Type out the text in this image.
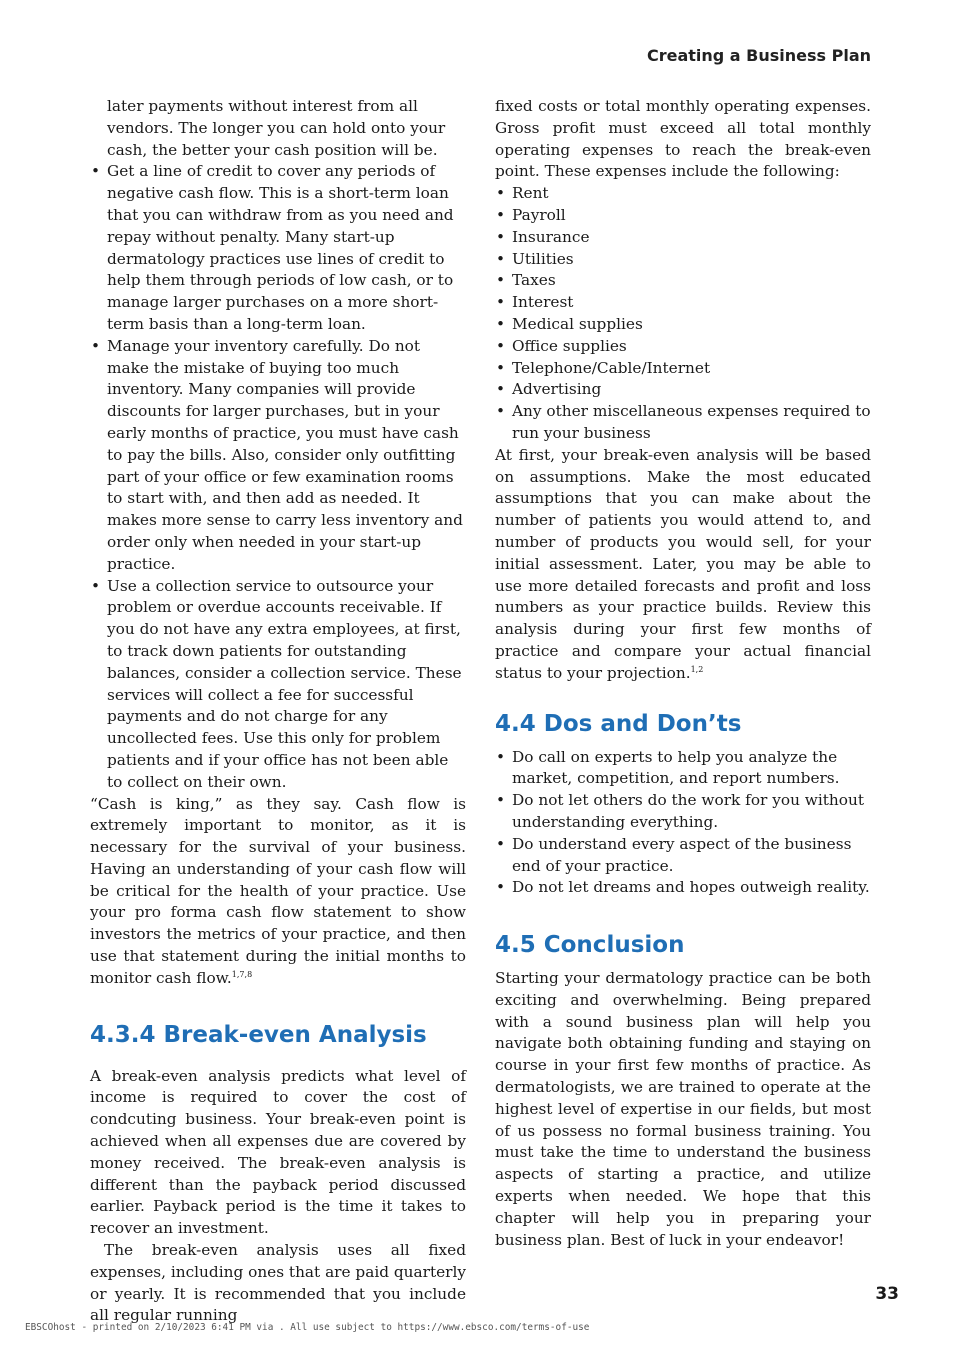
Creating a Business Plan

later payments without interest from all vendors. The longer you can hold onto your cash, the better your cash position will be.

• Get a line of credit to cover any periods of negative cash flow. This is a short-term loan that you can withdraw from as you need and repay without penalty. Many start-up dermatology practices use lines of credit to help them through periods of low cash, or to manage larger purchases on a more short-term basis than a long-term loan.
• Manage your inventory carefully. Do not make the mistake of buying too much inventory. Many companies will provide discounts for larger purchases, but in your early months of practice, you must have cash to pay the bills. Also, consider only outfitting part of your office or few examination rooms to start with, and then add as needed. It makes more sense to carry less inventory and order only when needed in your start-up practice.
• Use a collection service to outsource your problem or overdue accounts receivable. If you do not have any extra employees, at first, to track down patients for outstanding balances, consider a collection service. These services will collect a fee for successful payments and do not charge for any uncollected fees. Use this only for problem patients and if your office has not been able to collect on their own.

“Cash is king,” as they say. Cash flow is extremely important to monitor, as it is necessary for the survival of your business. Having an understanding of your cash flow will be critical for the health of your practice. Use your pro forma cash flow statement to show investors the metrics of your practice, and then use that statement during the initial months to monitor cash flow.$^{1,7,8}$

4.3.4 Break-even Analysis

A break-even analysis predicts what level of income is required to cover the cost of condcuting business. Your break-even point is achieved when all expenses due are covered by money received. The break-even analysis is different than the payback period discussed earlier. Payback period is the time it takes to recover an investment.

The break-even analysis uses all fixed expenses, including ones that are paid quarterly or yearly. It is recommended that you include all regular running

fixed costs or total monthly operating expenses. Gross profit must exceed all total monthly operating expenses to reach the break-even point. These expenses include the following:

• Rent
• Payroll
• Insurance
• Utilities
• Taxes
• Interest
• Medical supplies
• Office supplies
• Telephone/Cable/Internet
• Advertising
• Any other miscellaneous expenses required to run your business

At first, your break-even analysis will be based on assumptions. Make the most educated assumptions that you can make about the number of patients you would attend to, and number of products you would sell, for your initial assessment. Later, you may be able to use more detailed forecasts and profit and loss numbers as your practice builds. Review this analysis during your first few months of practice and compare your actual financial status to your projection.$^{1,2}$

4.4 Dos and Don’ts
• Do call on experts to help you analyze the market, competition, and report numbers.
• Do not let others do the work for you without understanding everything.
• Do understand every aspect of the business end of your practice.
• Do not let dreams and hopes outweigh reality.
4.5 Conclusion

Starting your dermatology practice can be both exciting and overwhelming. Being prepared with a sound business plan will help you navigate both obtaining funding and staying on course in your first few months of practice. As dermatologists, we are trained to operate at the highest level of expertise in our fields, but most of us possess no formal business training. You must take the time to understand the business aspects of starting a practice, and utilize experts when needed. We hope that this chapter will help you in preparing your business plan. Best of luck in your endeavor!

33
EBSCOhost - printed on 2/10/2023 6:41 PM via . All use subject to https://www.ebsco.com/terms-of-use
